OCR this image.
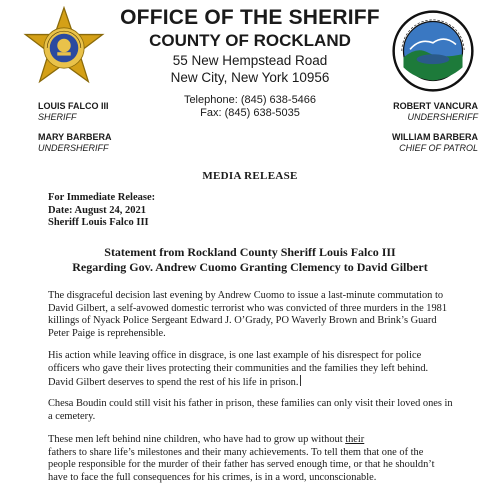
OFFICE OF THE SHERIFF
COUNTY OF ROCKLAND
55 New Hempstead Road
New City, New York 10956
Telephone: (845) 638-5466
Fax: (845) 638-5035
LOUIS FALCO III
SHERIFF
MARY BARBERA
UNDERSHERIFF
ROBERT VANCURA
UNDERSHERIFF
WILLIAM BARBERA
CHIEF OF PATROL
MEDIA RELEASE
For Immediate Release:
Date: August 24, 2021
Sheriff Louis Falco III
Statement from Rockland County Sheriff Louis Falco III
Regarding Gov. Andrew Cuomo Granting Clemency to David Gilbert
The disgraceful decision last evening by Andrew Cuomo to issue a last-minute commutation to
David Gilbert, a self-avowed domestic terrorist who was convicted of three murders in the 1981
killings of Nyack Police Sergeant Edward J. O’Grady, PO Waverly Brown and Brink’s Guard
Peter Paige is reprehensible.
His action while leaving office in disgrace, is one last example of his disrespect for police
officers who gave their lives protecting their communities and the families they left behind.
David Gilbert deserves to spend the rest of his life in prison.
Chesa Boudin could still visit his father in prison, these families can only visit their loved ones in
a cemetery.
These men left behind nine children, who have had to grow up without their
fathers to share life’s milestones and their many achievements. To tell them that one of the
people responsible for the murder of their father has served enough time, or that he shouldn’t
have to face the full consequences for his crimes, is in a word, unconscionable.
